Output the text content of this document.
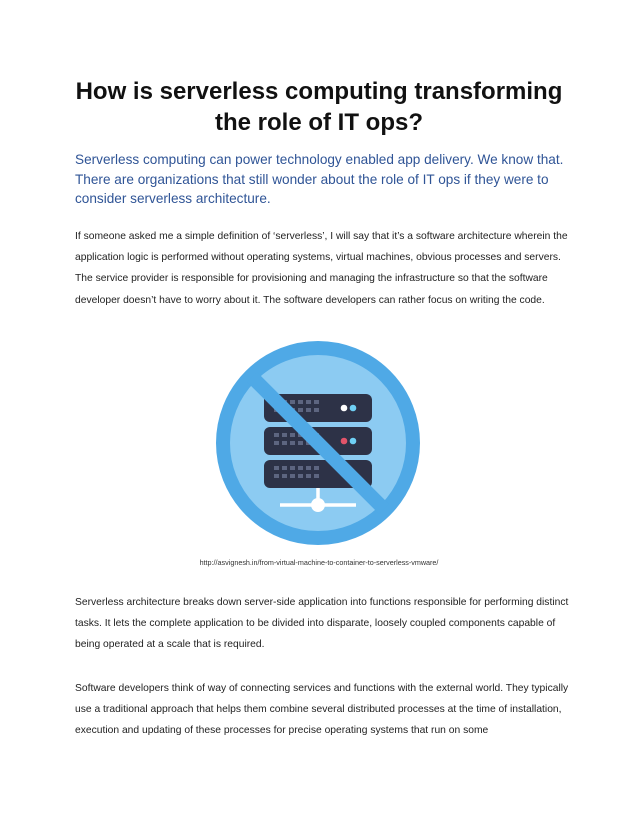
How is serverless computing transforming the role of IT ops?

Serverless computing can power technology enabled app delivery. We know that. There are organizations that still wonder about the role of IT ops if they were to consider serverless architecture.

If someone asked me a simple definition of ‘serverless’, I will say that it’s a software architecture wherein the application logic is performed without operating systems, virtual machines, obvious processes and servers. The service provider is responsible for provisioning and managing the infrastructure so that the software developer doesn’t have to worry about it. The software developers can rather focus on writing the code.

http://asvignesh.in/from-virtual-machine-to-container-to-serverless-vmware/

Serverless architecture breaks down server-side application into functions responsible for performing distinct tasks. It lets the complete application to be divided into disparate, loosely coupled components capable of being operated at a scale that is required.

Software developers think of way of connecting services and functions with the external world. They typically use a traditional approach that helps them combine several distributed processes at the time of installation, execution and updating of these processes for precise operating systems that run on some
